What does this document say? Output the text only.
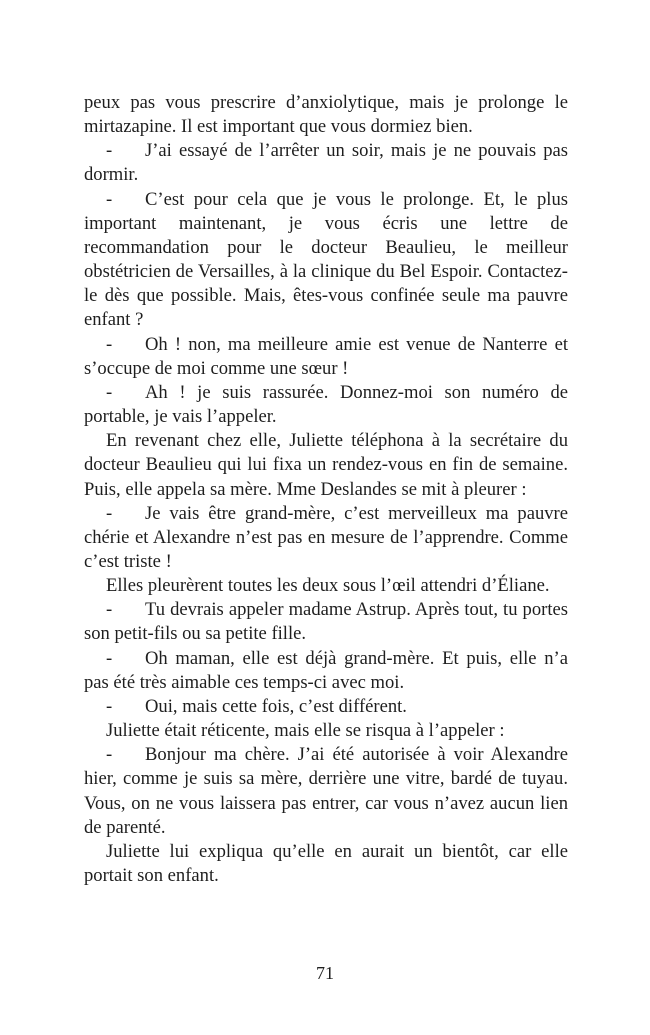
peux pas vous prescrire d’anxiolytique, mais je prolonge le mirtazapine. Il est important que vous dormiez bien.

- J’ai essayé de l’arrêter un soir, mais je ne pouvais pas dormir.

- C’est pour cela que je vous le prolonge. Et, le plus important maintenant, je vous écris une lettre de recommandation pour le docteur Beaulieu, le meilleur obstétricien de Versailles, à la clinique du Bel Espoir. Contactez-le dès que possible. Mais, êtes-vous confinée seule ma pauvre enfant ?

- Oh ! non, ma meilleure amie est venue de Nanterre et s’occupe de moi comme une sœur !

- Ah ! je suis rassurée. Donnez-moi son numéro de portable, je vais l’appeler.

En revenant chez elle, Juliette téléphona à la secrétaire du docteur Beaulieu qui lui fixa un rendez-vous en fin de semaine. Puis, elle appela sa mère. Mme Deslandes se mit à pleurer :

- Je vais être grand-mère, c’est merveilleux ma pauvre chérie et Alexandre n’est pas en mesure de l’apprendre. Comme c’est triste !

Elles pleurèrent toutes les deux sous l’œil attendri d’Éliane.

- Tu devrais appeler madame Astrup. Après tout, tu portes son petit-fils ou sa petite fille.

- Oh maman, elle est déjà grand-mère. Et puis, elle n’a pas été très aimable ces temps-ci avec moi.

- Oui, mais cette fois, c’est différent.

Juliette était réticente, mais elle se risqua à l’appeler :

- Bonjour ma chère. J’ai été autorisée à voir Alexandre hier, comme je suis sa mère, derrière une vitre, bardé de tuyau. Vous, on ne vous laissera pas entrer, car vous n’avez aucun lien de parenté.

Juliette lui expliqua qu’elle en aurait un bientôt, car elle portait son enfant.

71
